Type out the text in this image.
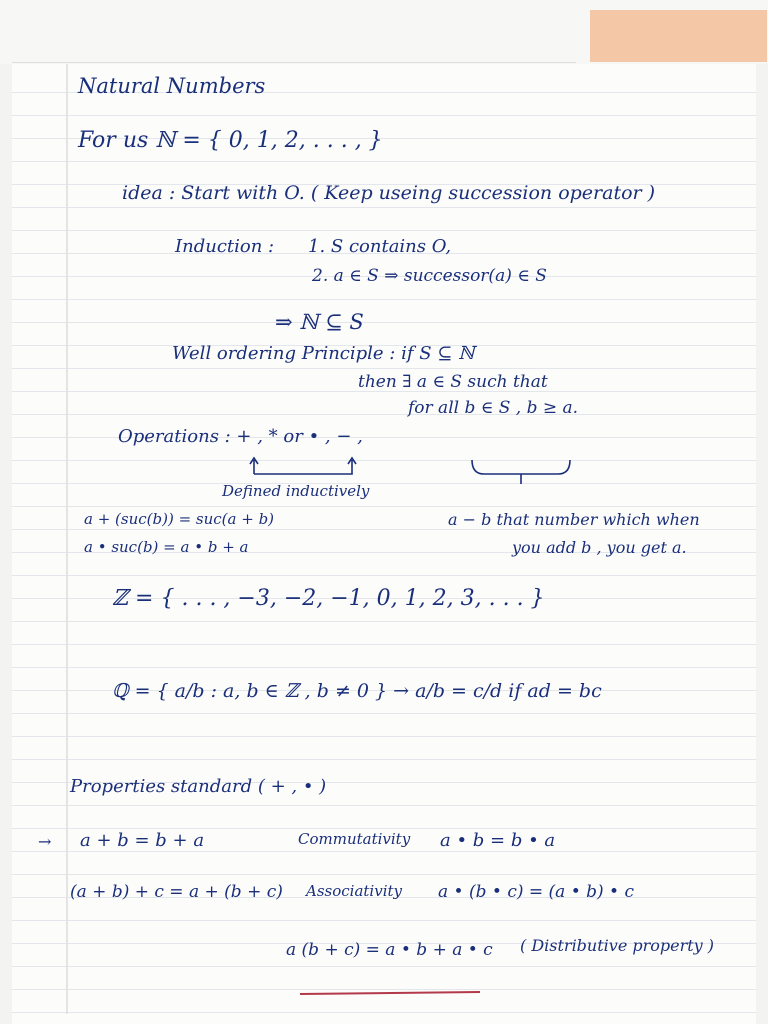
Natural Numbers
For us ℕ = { 0, 1, 2, . . . , }
idea : Start with O. ( Keep useing succession operator )
Induction : 1. S contains O,
2. a ∈ S ⇒ successor(a) ∈ S
⇒ ℕ ⊆ S
Well ordering Principle : if S ⊆ ℕ
then ∃ a ∈ S such that
for all b ∈ S , b ≥ a.
Operations : + , * or • , − ,
Defined inductively
a + (suc(b)) = suc(a + b)
a • suc(b) = a • b + a
a − b that number which when
you add b , you get a.
ℤ = { . . . , −3, −2, −1, 0, 1, 2, 3, . . . }
ℚ = { a/b : a, b ∈ ℤ , b ≠ 0 } → a/b = c/d if ad = bc
Properties standard ( + , • )
→ a + b = b + a	Commutativity a • b = b • a
(a + b) + c = a + (b + c) Associativity a • (b • c) = (a • b) • c
a (b + c) = a • b + a • c ( Distributive property )
